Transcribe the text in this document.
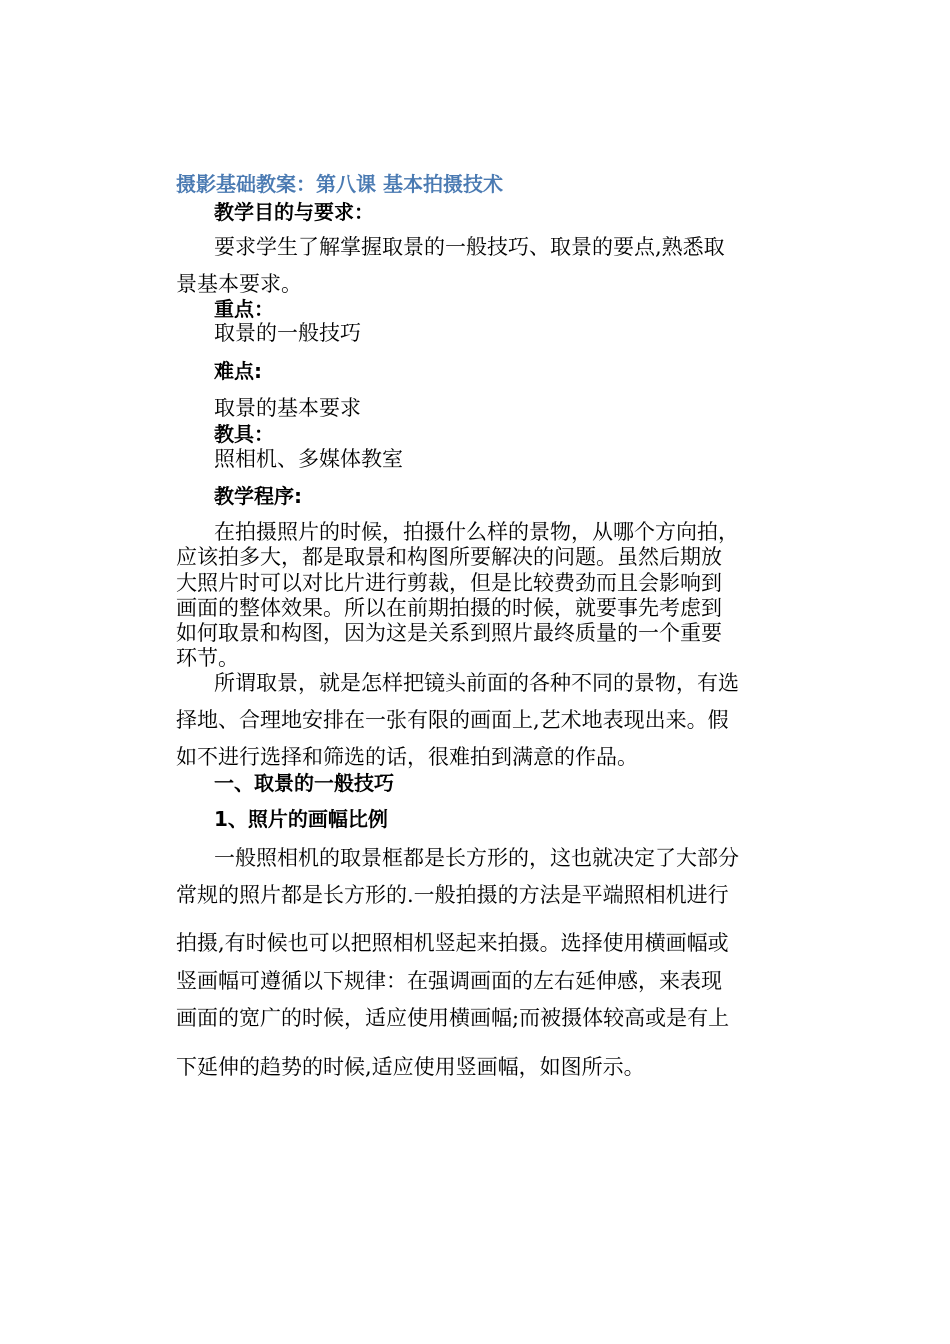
摄影基础教案：第八课 基本拍摄技术
教学目的与要求：
要求学生了解掌握取景的一般技巧、取景的要点,熟悉取
景基本要求。
重点：
取景的一般技巧
难点:
取景的基本要求
教具：
照相机、多媒体教室
教学程序:
在拍摄照片的时候，拍摄什么样的景物，从哪个方向拍，
应该拍多大，都是取景和构图所要解决的问题。虽然后期放
大照片时可以对比片进行剪裁，但是比较费劲而且会影响到
画面的整体效果。所以在前期拍摄的时候，就要事先考虑到
如何取景和构图，因为这是关系到照片最终质量的一个重要
环节。
所谓取景，就是怎样把镜头前面的各种不同的景物，有选
择地、合理地安排在一张有限的画面上,艺术地表现出来。假
如不进行选择和筛选的话，很难拍到满意的作品。
一、取景的一般技巧
1、照片的画幅比例
一般照相机的取景框都是长方形的，这也就决定了大部分
常规的照片都是长方形的.一般拍摄的方法是平端照相机进行
拍摄,有时候也可以把照相机竖起来拍摄。选择使用横画幅或
竖画幅可遵循以下规律：在强调画面的左右延伸感，来表现
画面的宽广的时候，适应使用横画幅;而被摄体较高或是有上
下延伸的趋势的时候,适应使用竖画幅，如图所示。
